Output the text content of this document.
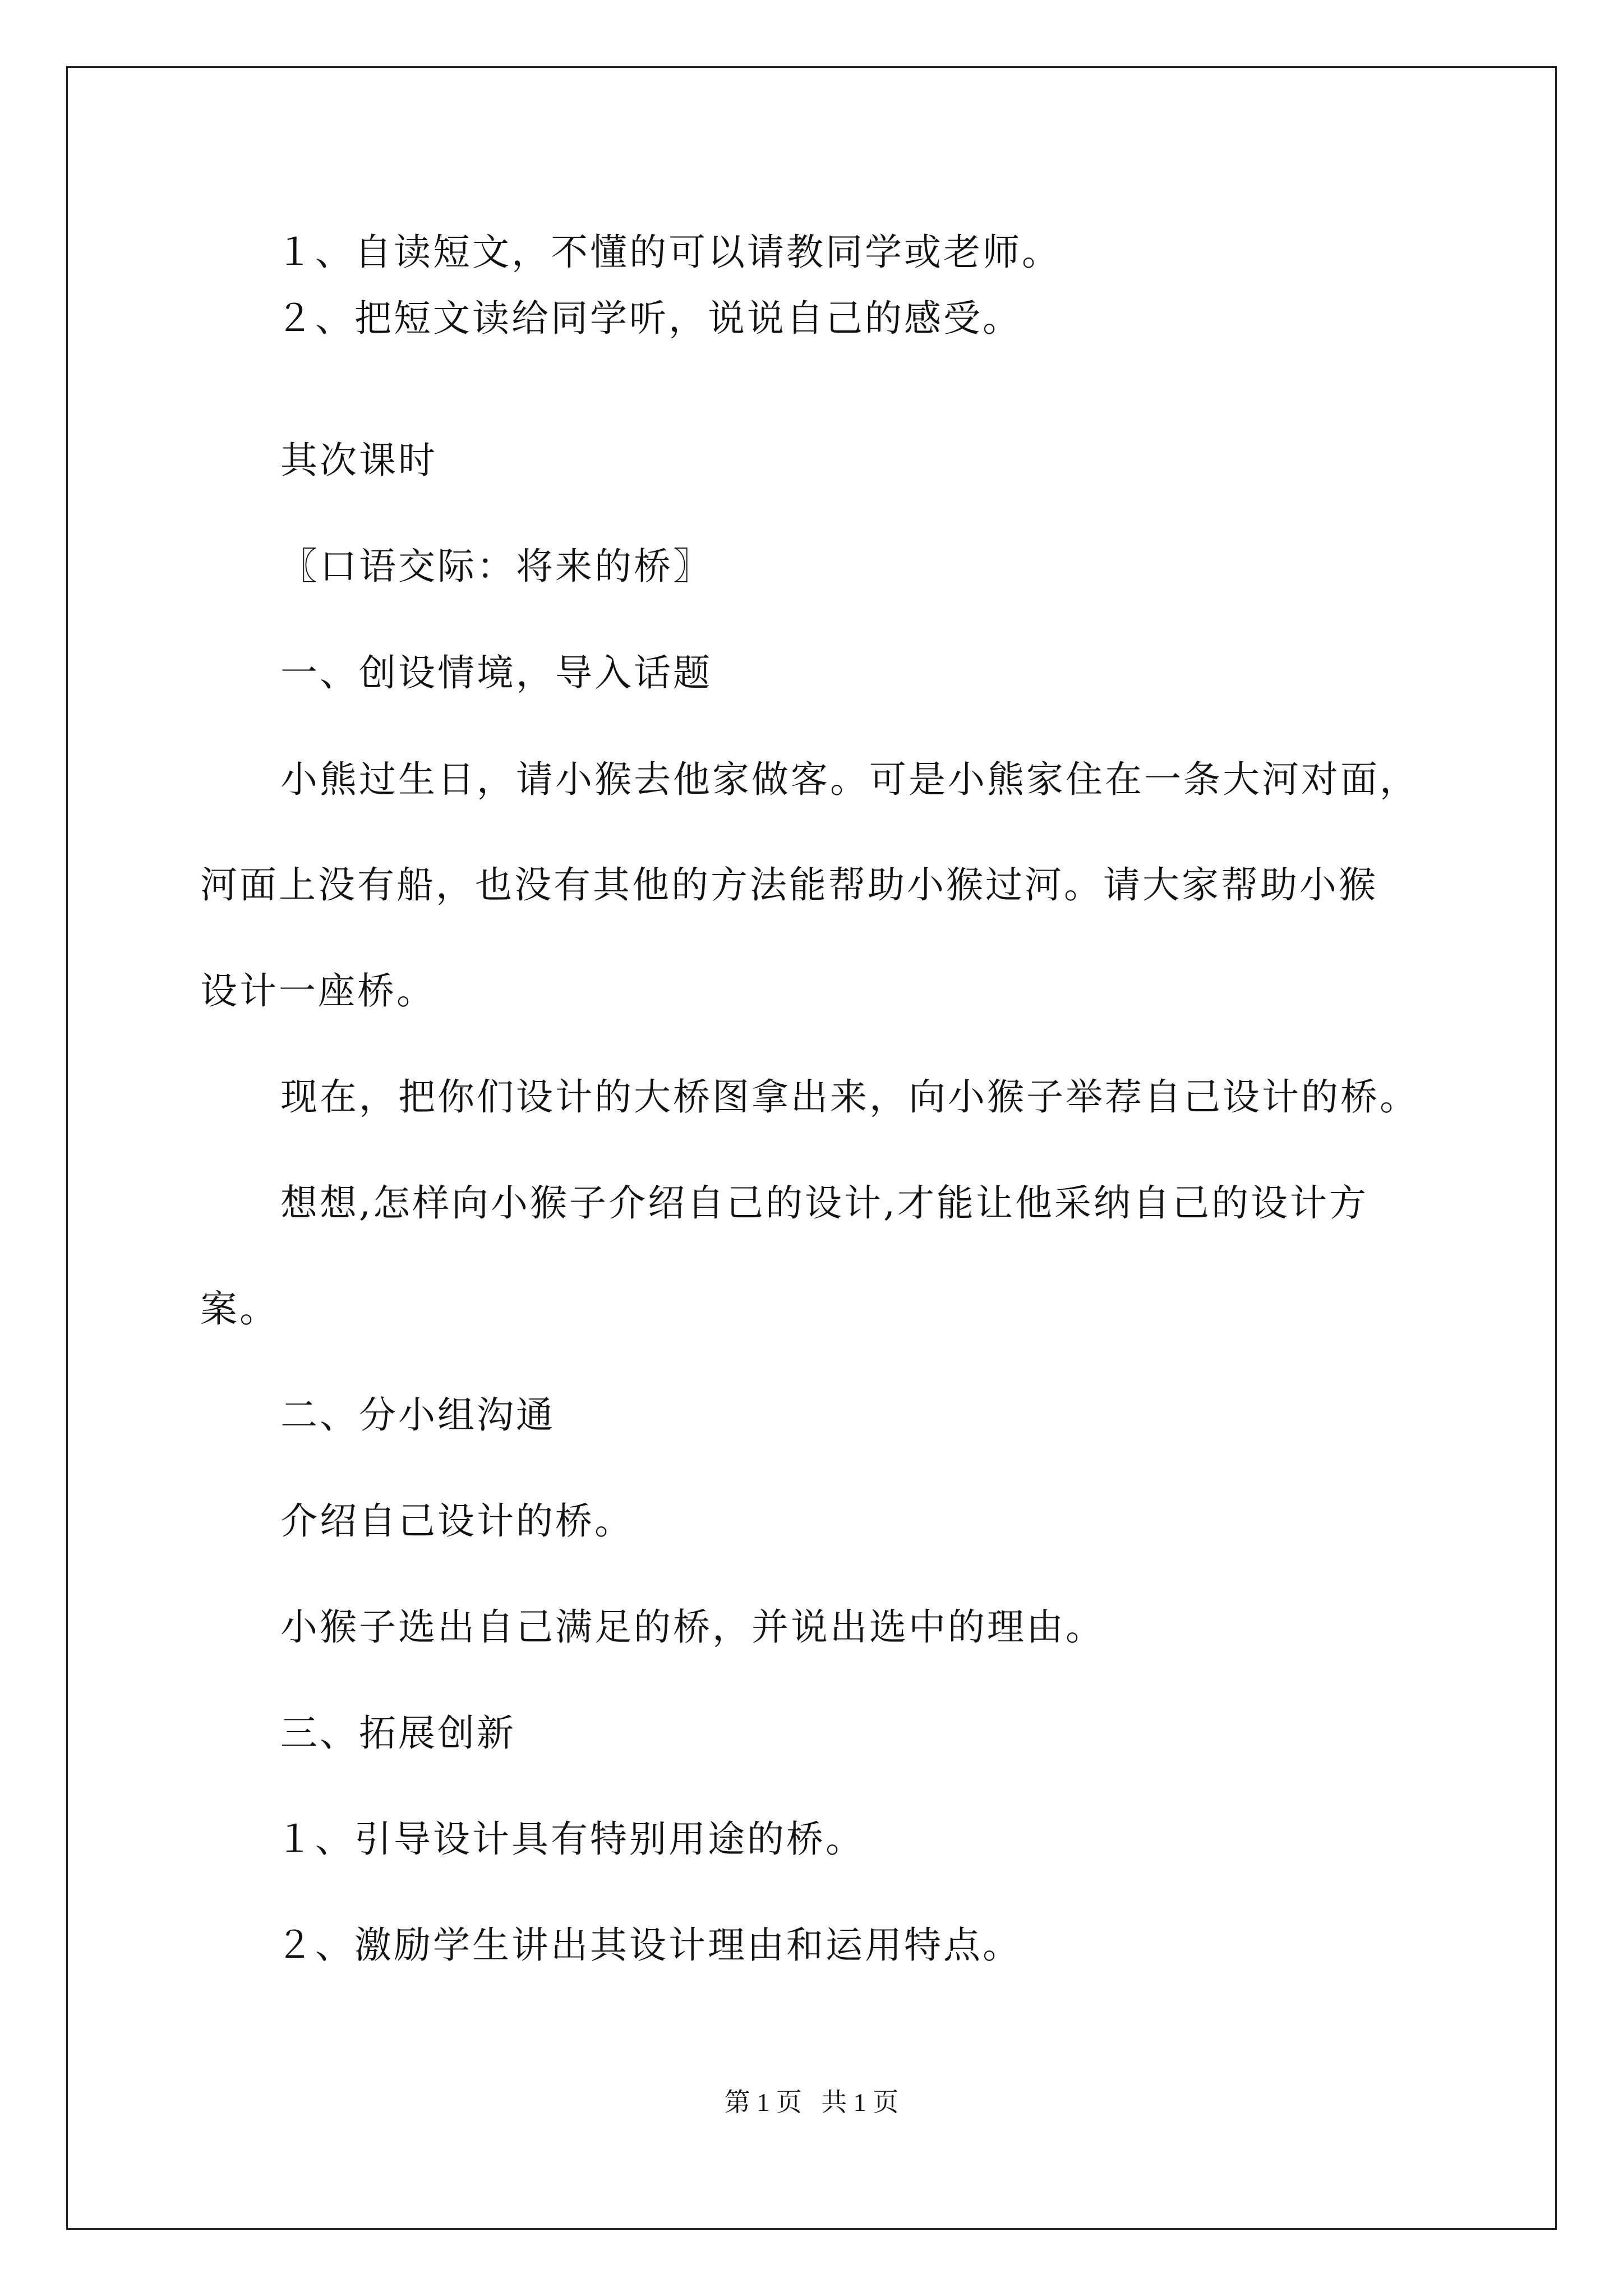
１、自读短文，不懂的可以请教同学或老师。
２、把短文读给同学听，说说自己的感受。
其次课时
〖口语交际：将来的桥〗
一、创设情境，导入话题
小熊过生日，请小猴去他家做客。可是小熊家住在一条大河对面，
河面上没有船，也没有其他的方法能帮助小猴过河。请大家帮助小猴
设计一座桥。
现在，把你们设计的大桥图拿出来，向小猴子举荐自己设计的桥。
想想,怎样向小猴子介绍自己的设计,才能让他采纳自己的设计方
案。
二、分小组沟通
介绍自己设计的桥。
小猴子选出自己满足的桥，并说出选中的理由。
三、拓展创新
１、引导设计具有特别用途的桥。
２、激励学生讲出其设计理由和运用特点。
第 1 页   共 1 页
